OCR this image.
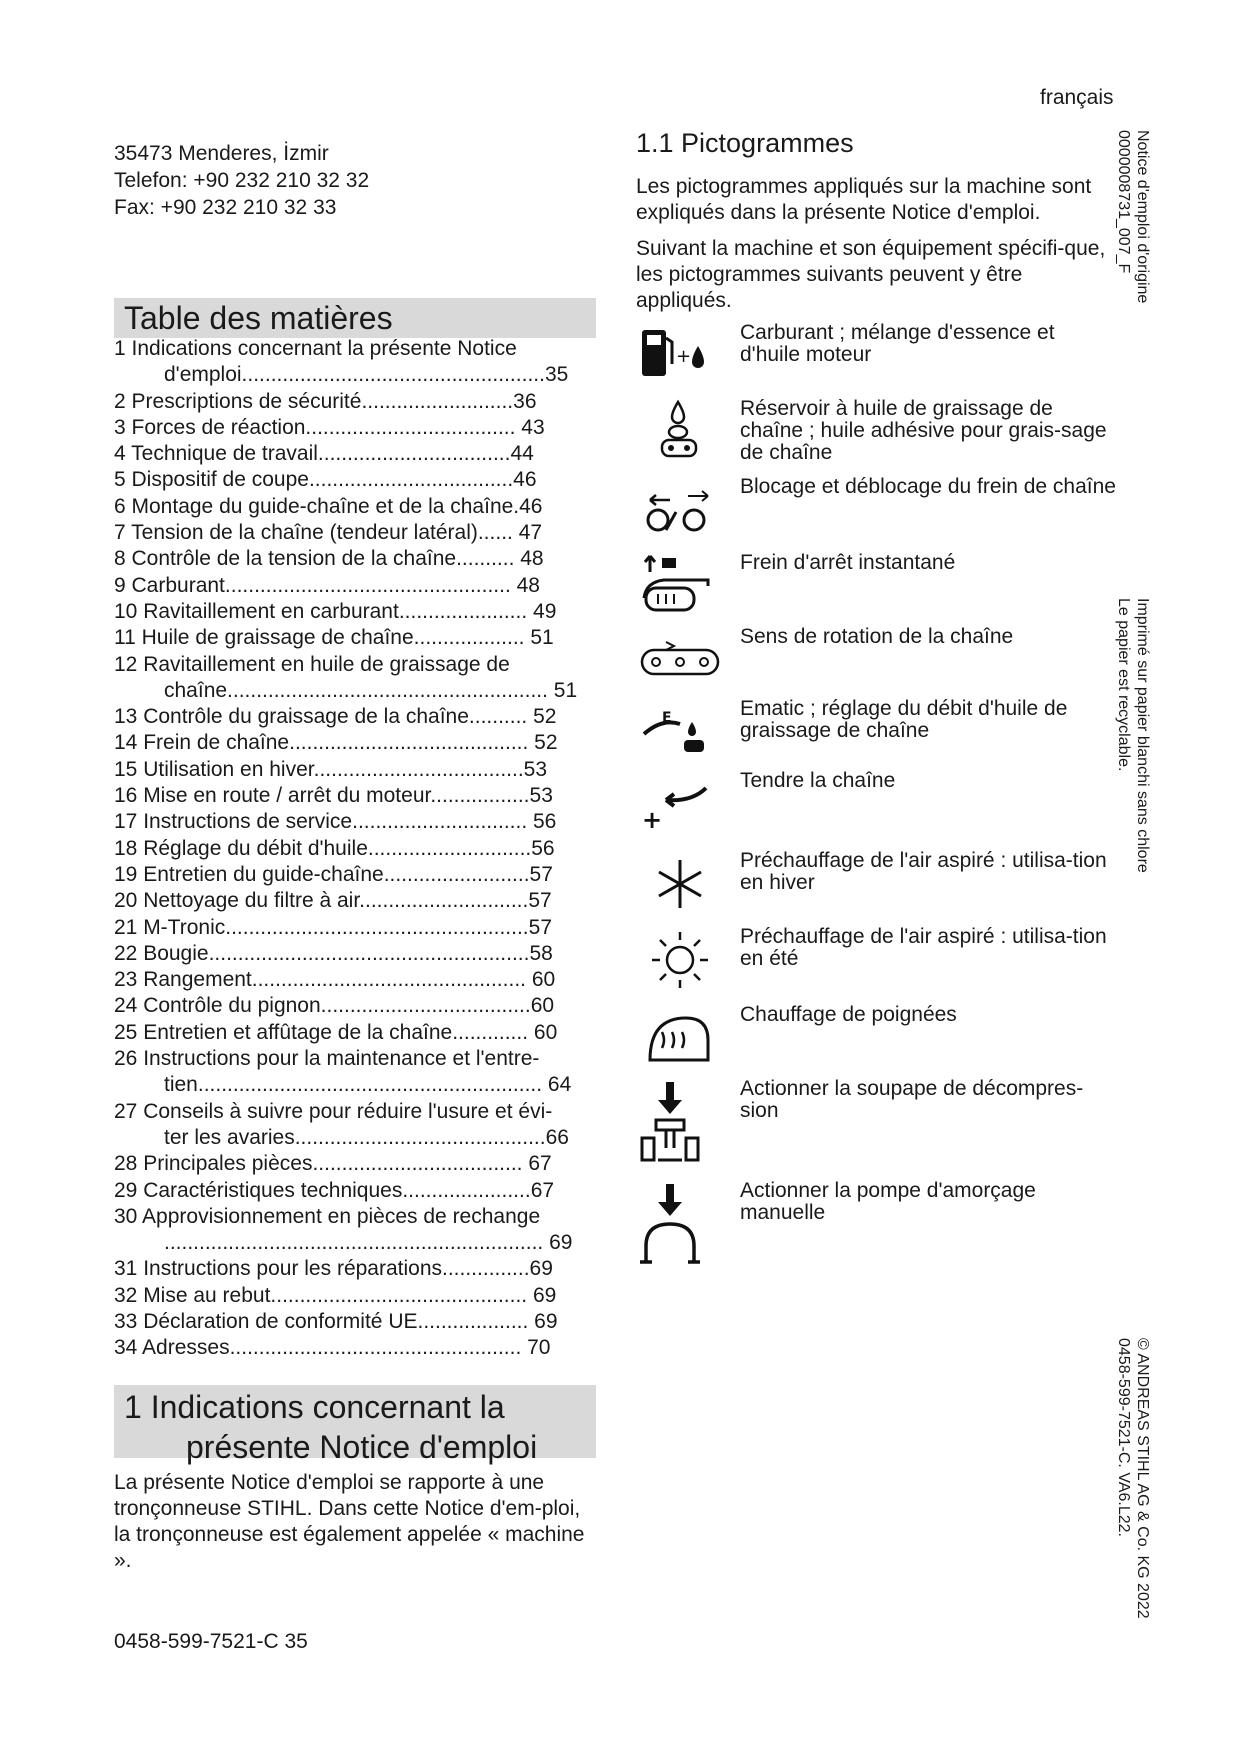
français
35473 Menderes, İzmir
Telefon: +90 232 210 32 32
Fax: +90 232 210 32 33
Table des matières
1 Indications concernant la présente Notice
d'emploi....................................................35
2 Prescriptions de sécurité..........................36
3 Forces de réaction.................................... 43
4 Technique de travail.................................44
5 Dispositif de coupe...................................46
6 Montage du guide-chaîne et de la chaîne.46
7 Tension de la chaîne (tendeur latéral)...... 47
8 Contrôle de la tension de la chaîne.......... 48
9 Carburant................................................. 48
10 Ravitaillement en carburant...................... 49
11 Huile de graissage de chaîne................... 51
12 Ravitaillement en huile de graissage de
chaîne....................................................... 51
13 Contrôle du graissage de la chaîne.......... 52
14 Frein de chaîne......................................... 52
15 Utilisation en hiver....................................53
16 Mise en route / arrêt du moteur.................53
17 Instructions de service.............................. 56
18 Réglage du débit d'huile............................56
19 Entretien du guide-chaîne.........................57
20 Nettoyage du filtre à air.............................57
21 M-Tronic....................................................57
22 Bougie.......................................................58
23 Rangement............................................... 60
24 Contrôle du pignon....................................60
25 Entretien et affûtage de la chaîne............. 60
26 Instructions pour la maintenance et l'entre-
tien........................................................... 64
27 Conseils à suivre pour réduire l'usure et évi-
ter les avaries...........................................66
28 Principales pièces.................................... 67
29 Caractéristiques techniques......................67
30 Approvisionnement en pièces de rechange
................................................................. 69
31 Instructions pour les réparations...............69
32 Mise au rebut............................................ 69
33 Déclaration de conformité UE................... 69
34 Adresses.................................................. 70
1 Indications concernant la
présente Notice d'emploi
La présente Notice d'emploi se rapporte à une tronçonneuse STIHL. Dans cette Notice d'em-ploi, la tronçonneuse est également appelée « machine ».
0458-599-7521-C 35
1.1 Pictogrammes
Les pictogrammes appliqués sur la machine sont expliqués dans la présente Notice d'emploi.
Suivant la machine et son équipement spécifi-que, les pictogrammes suivants peuvent y être appliqués.
+
Carburant ; mélange d'essence et d'huile moteur
Réservoir à huile de graissage de chaîne ; huile adhésive pour grais-sage de chaîne
Blocage et déblocage du frein de chaîne
Frein d'arrêt instantané
Sens de rotation de la chaîne
E	Ematic ; réglage du débit d'huile de graissage de chaîne
+
Tendre la chaîne
Préchauffage de l'air aspiré : utilisa-tion en hiver
Préchauffage de l'air aspiré : utilisa-tion en été
Chauffage de poignées
Actionner la soupape de décompres-sion
Actionner la pompe d'amorçage manuelle
Notice d'emploi d'origine
0000008731_007_F
Imprimé sur papier blanchi sans chlore
Le papier est recyclable.
© ANDREAS STIHL AG & Co. KG 2022
0458-599-7521-C. VA6.L22.
